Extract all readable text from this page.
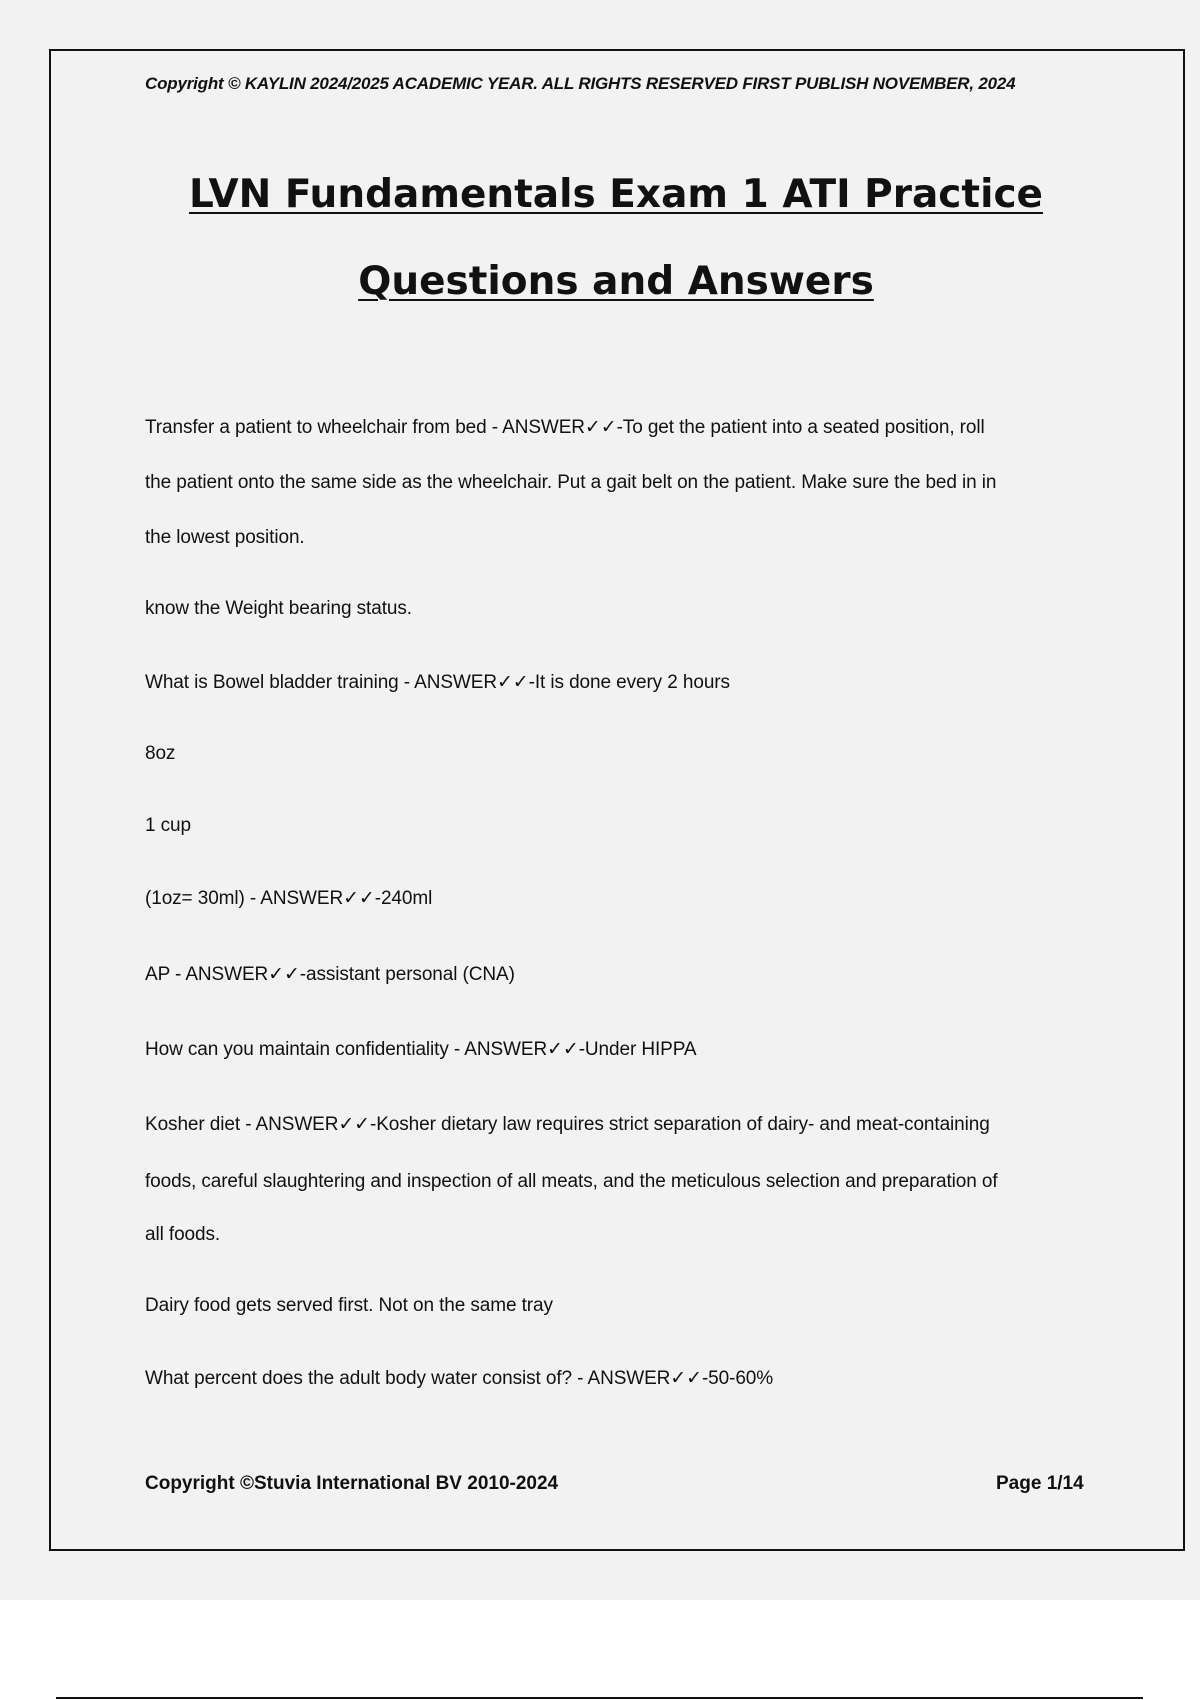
Copyright © KAYLIN 2024/2025 ACADEMIC YEAR. ALL RIGHTS RESERVED FIRST PUBLISH NOVEMBER, 2024
LVN Fundamentals Exam 1 ATI Practice
Questions and Answers
Transfer a patient to wheelchair from bed - ANSWER✓✓-To get the patient into a seated position, roll
the patient onto the same side as the wheelchair. Put a gait belt on the patient. Make sure the bed in in
the lowest position.
know the Weight bearing status.
What is Bowel bladder training - ANSWER✓✓-It is done every 2 hours
8oz
1 cup
(1oz= 30ml) - ANSWER✓✓-240ml
AP - ANSWER✓✓-assistant personal (CNA)
How can you maintain confidentiality - ANSWER✓✓-Under HIPPA
Kosher diet - ANSWER✓✓-Kosher dietary law requires strict separation of dairy- and meat-containing
foods, careful slaughtering and inspection of all meats, and the meticulous selection and preparation of
all foods.
Dairy food gets served first. Not on the same tray
What percent does the adult body water consist of? - ANSWER✓✓-50-60%
Copyright ©Stuvia International BV 2010-2024	Page 1/14
